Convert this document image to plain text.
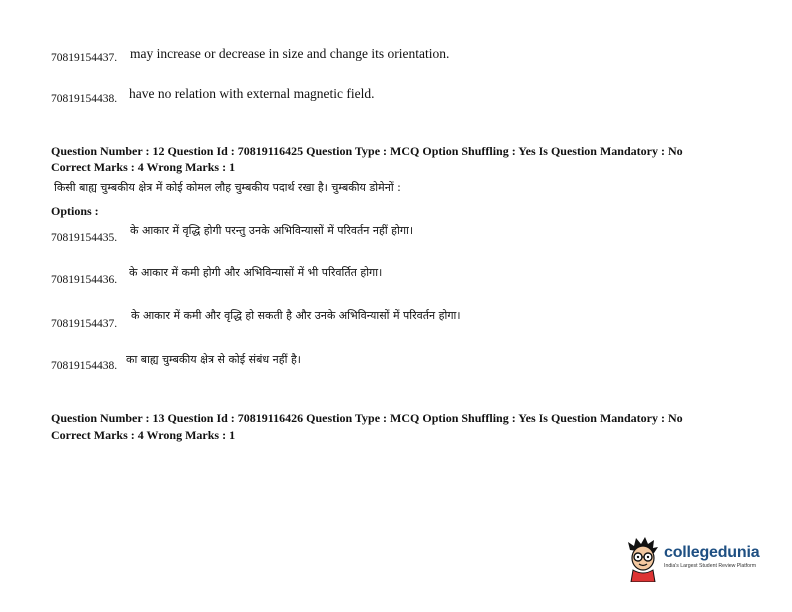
70819154437. may increase or decrease in size and change its orientation.
70819154438. have no relation with external magnetic field.
Question Number : 12 Question Id : 70819116425 Question Type : MCQ Option Shuffling : Yes Is Question Mandatory : No
Correct Marks : 4 Wrong Marks : 1
किसी बाह्य चुम्बकीय क्षेत्र में कोई कोमल लौह चुम्बकीय पदार्थ रखा है। चुम्बकीय डोमेनों :
Options :
70819154435.
के आकार में वृद्धि होगी परन्तु उनके अभिविन्यासों में परिवर्तन नहीं होगा।
70819154436.
के आकार में कमी होगी और अभिविन्यासों में भी परिवर्तित होगा।
70819154437.
के आकार में कमी और वृद्धि हो सकती है और उनके अभिविन्यासों में परिवर्तन होगा।
70819154438. का बाह्य चुम्बकीय क्षेत्र से कोई संबंध नहीं है।
Question Number : 13 Question Id : 70819116426 Question Type : MCQ Option Shuffling : Yes Is Question Mandatory : No
Correct Marks : 4 Wrong Marks : 1
collegedunia
India's Largest Student Review Platform
